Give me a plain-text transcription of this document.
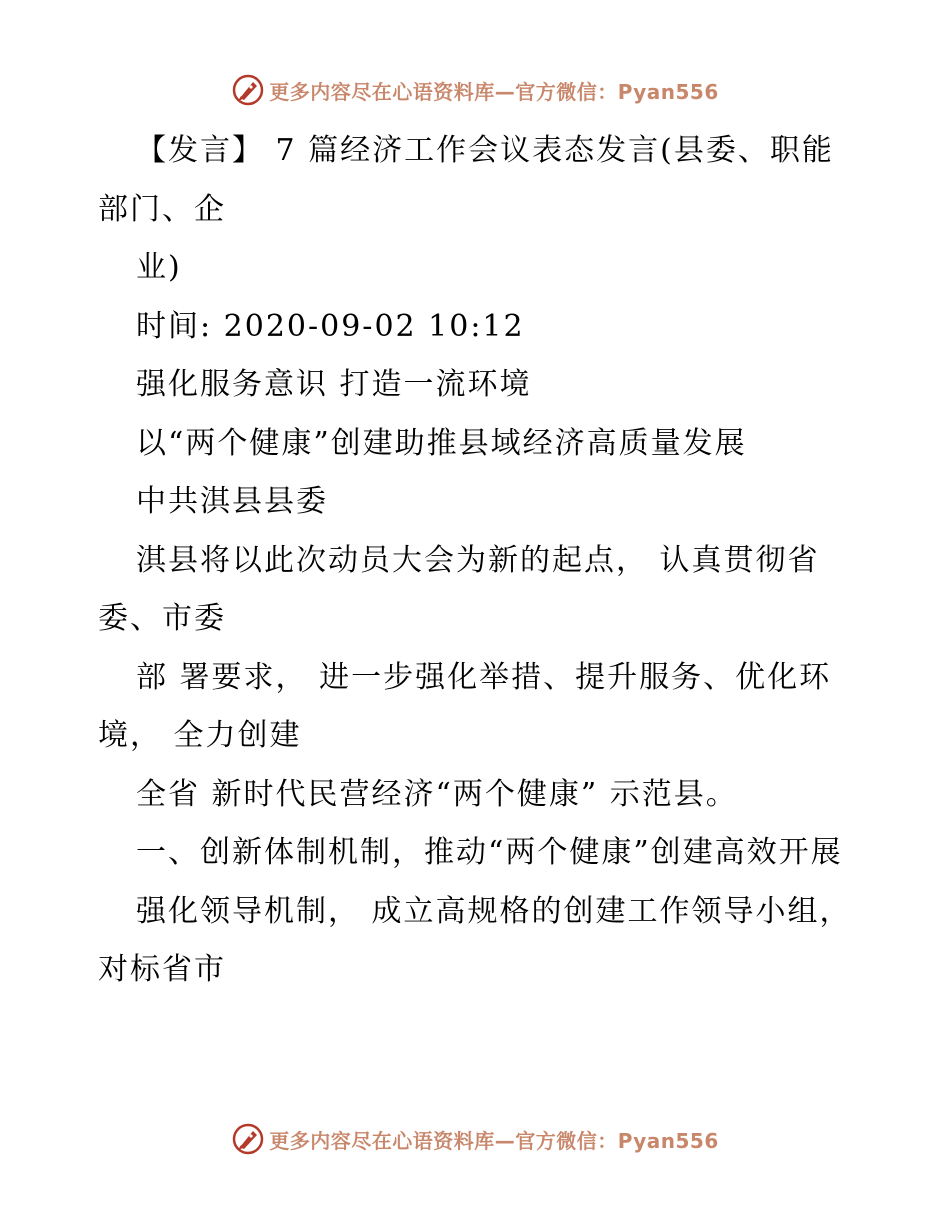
更多内容尽在心语资料库—官方微信：Pyan556

【发言】 7 篇经济工作会议表态发言(县委、职能部门、企

业)

时间: 2020-09-02 10:12

强化服务意识 打造一流环境

以“两个健康”创建助推县域经济高质量发展

中共淇县县委

淇县将以此次动员大会为新的起点， 认真贯彻省委、市委

部 署要求， 进一步强化举措、提升服务、优化环境， 全力创建

全省 新时代民营经济“两个健康” 示范县。

一、创新体制机制，推动“两个健康”创建高效开展

强化领导机制， 成立高规格的创建工作领导小组， 对标省市

更多内容尽在心语资料库—官方微信：Pyan556
